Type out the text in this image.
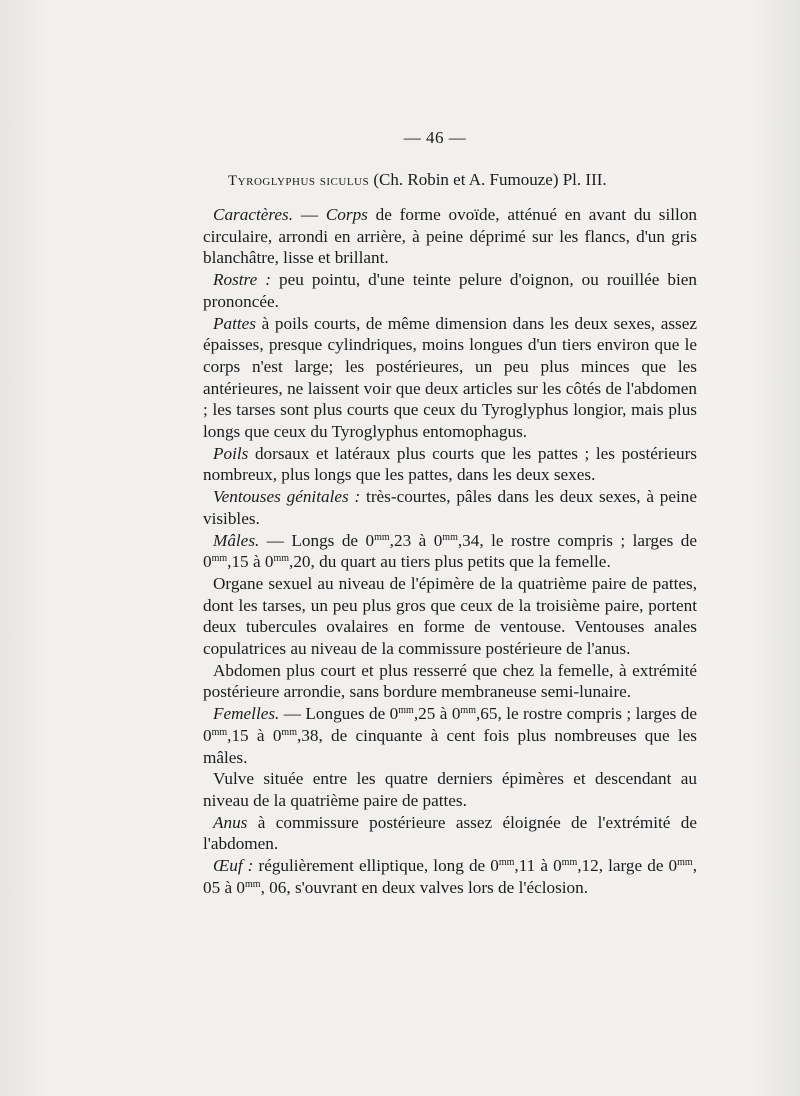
— 46 —
Tyroglyphus siculus (Ch. Robin et A. Fumouze) Pl. III.

Caractères. — Corps de forme ovoïde, atténué en avant du sillon circulaire, arrondi en arrière, à peine déprimé sur les flancs, d'un gris blanchâtre, lisse et brillant.

Rostre : peu pointu, d'une teinte pelure d'oignon, ou rouillée bien prononcée.

Pattes à poils courts, de même dimension dans les deux sexes, assez épaisses, presque cylindriques, moins longues d'un tiers environ que le corps n'est large; les postérieures, un peu plus minces que les antérieures, ne laissent voir que deux articles sur les côtés de l'abdomen ; les tarses sont plus courts que ceux du Tyroglyphus longior, mais plus longs que ceux du Tyroglyphus entomophagus.

Poils dorsaux et latéraux plus courts que les pattes ; les postérieurs nombreux, plus longs que les pattes, dans les deux sexes.

Ventouses génitales : très-courtes, pâles dans les deux sexes, à peine visibles.

Mâles. — Longs de $0^{mm},23$ à $0^{mm},34$, le rostre compris ; larges de $0^{mm},15$ à $0^{mm},20$, du quart au tiers plus petits que la femelle.

Organe sexuel au niveau de l'épimère de la quatrième paire de pattes, dont les tarses, un peu plus gros que ceux de la troisième paire, portent deux tubercules ovalaires en forme de ventouse. Ventouses anales copulatrices au niveau de la commissure postérieure de l'anus.

Abdomen plus court et plus resserré que chez la femelle, à extrémité postérieure arrondie, sans bordure membraneuse semi-lunaire.

Femelles. — Longues de $0^{mm},25$ à $0^{mm},65$, le rostre compris ; larges de $0^{mm},15$ à $0^{mm},38$, de cinquante à cent fois plus nombreuses que les mâles.

Vulve située entre les quatre derniers épimères et descendant au niveau de la quatrième paire de pattes.

Anus à commissure postérieure assez éloignée de l'extrémité de l'abdomen.

Œuf : régulièrement elliptique, long de $0^{mm},11$ à $0^{mm},12$, large de $0^{mm}$, 05 à $0^{mm}$, 06, s'ouvrant en deux valves lors de l'éclosion.
